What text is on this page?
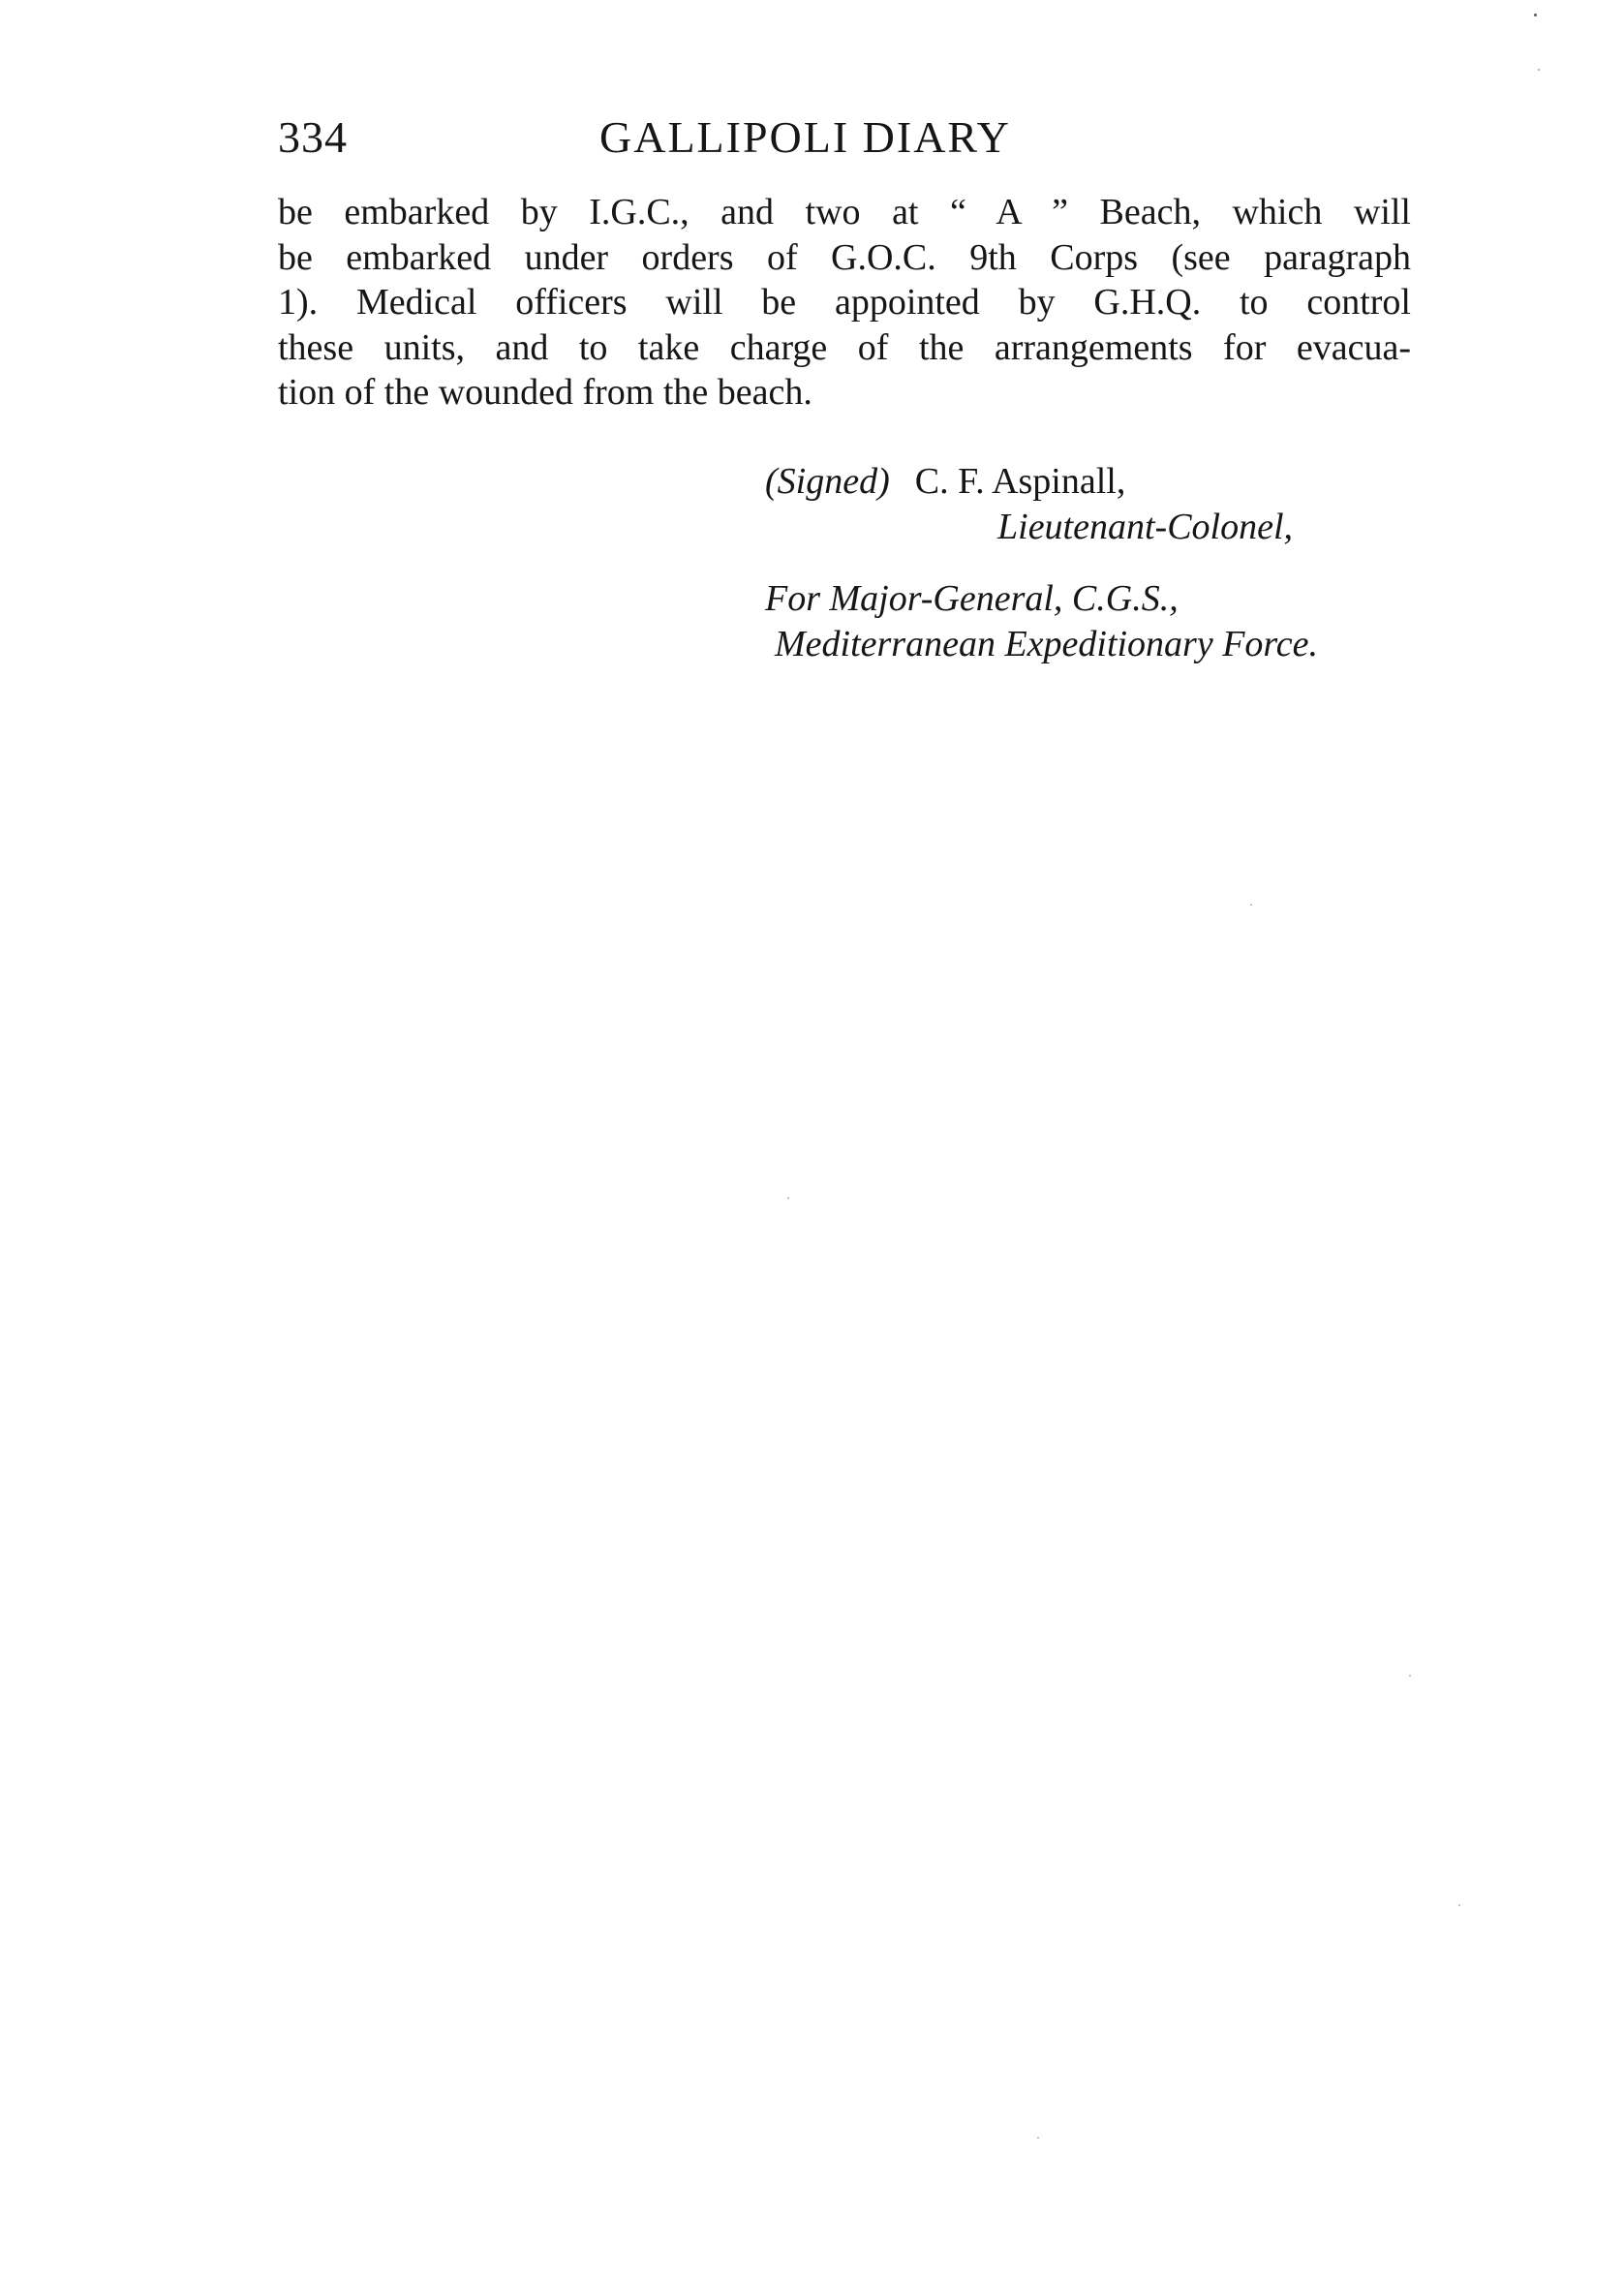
334	GALLIPOLI DIARY
be embarked by I.G.C., and two at “ A ” Beach, which will
be embarked under orders of G.O.C. 9th Corps (see paragraph
1). Medical officers will be appointed by G.H.Q. to control
these units, and to take charge of the arrangements for evacua-
tion of the wounded from the beach.
(Signed) C. F. Aspinall,
Lieutenant-Colonel,
For Major-General, C.G.S.,
Mediterranean Expeditionary Force.
